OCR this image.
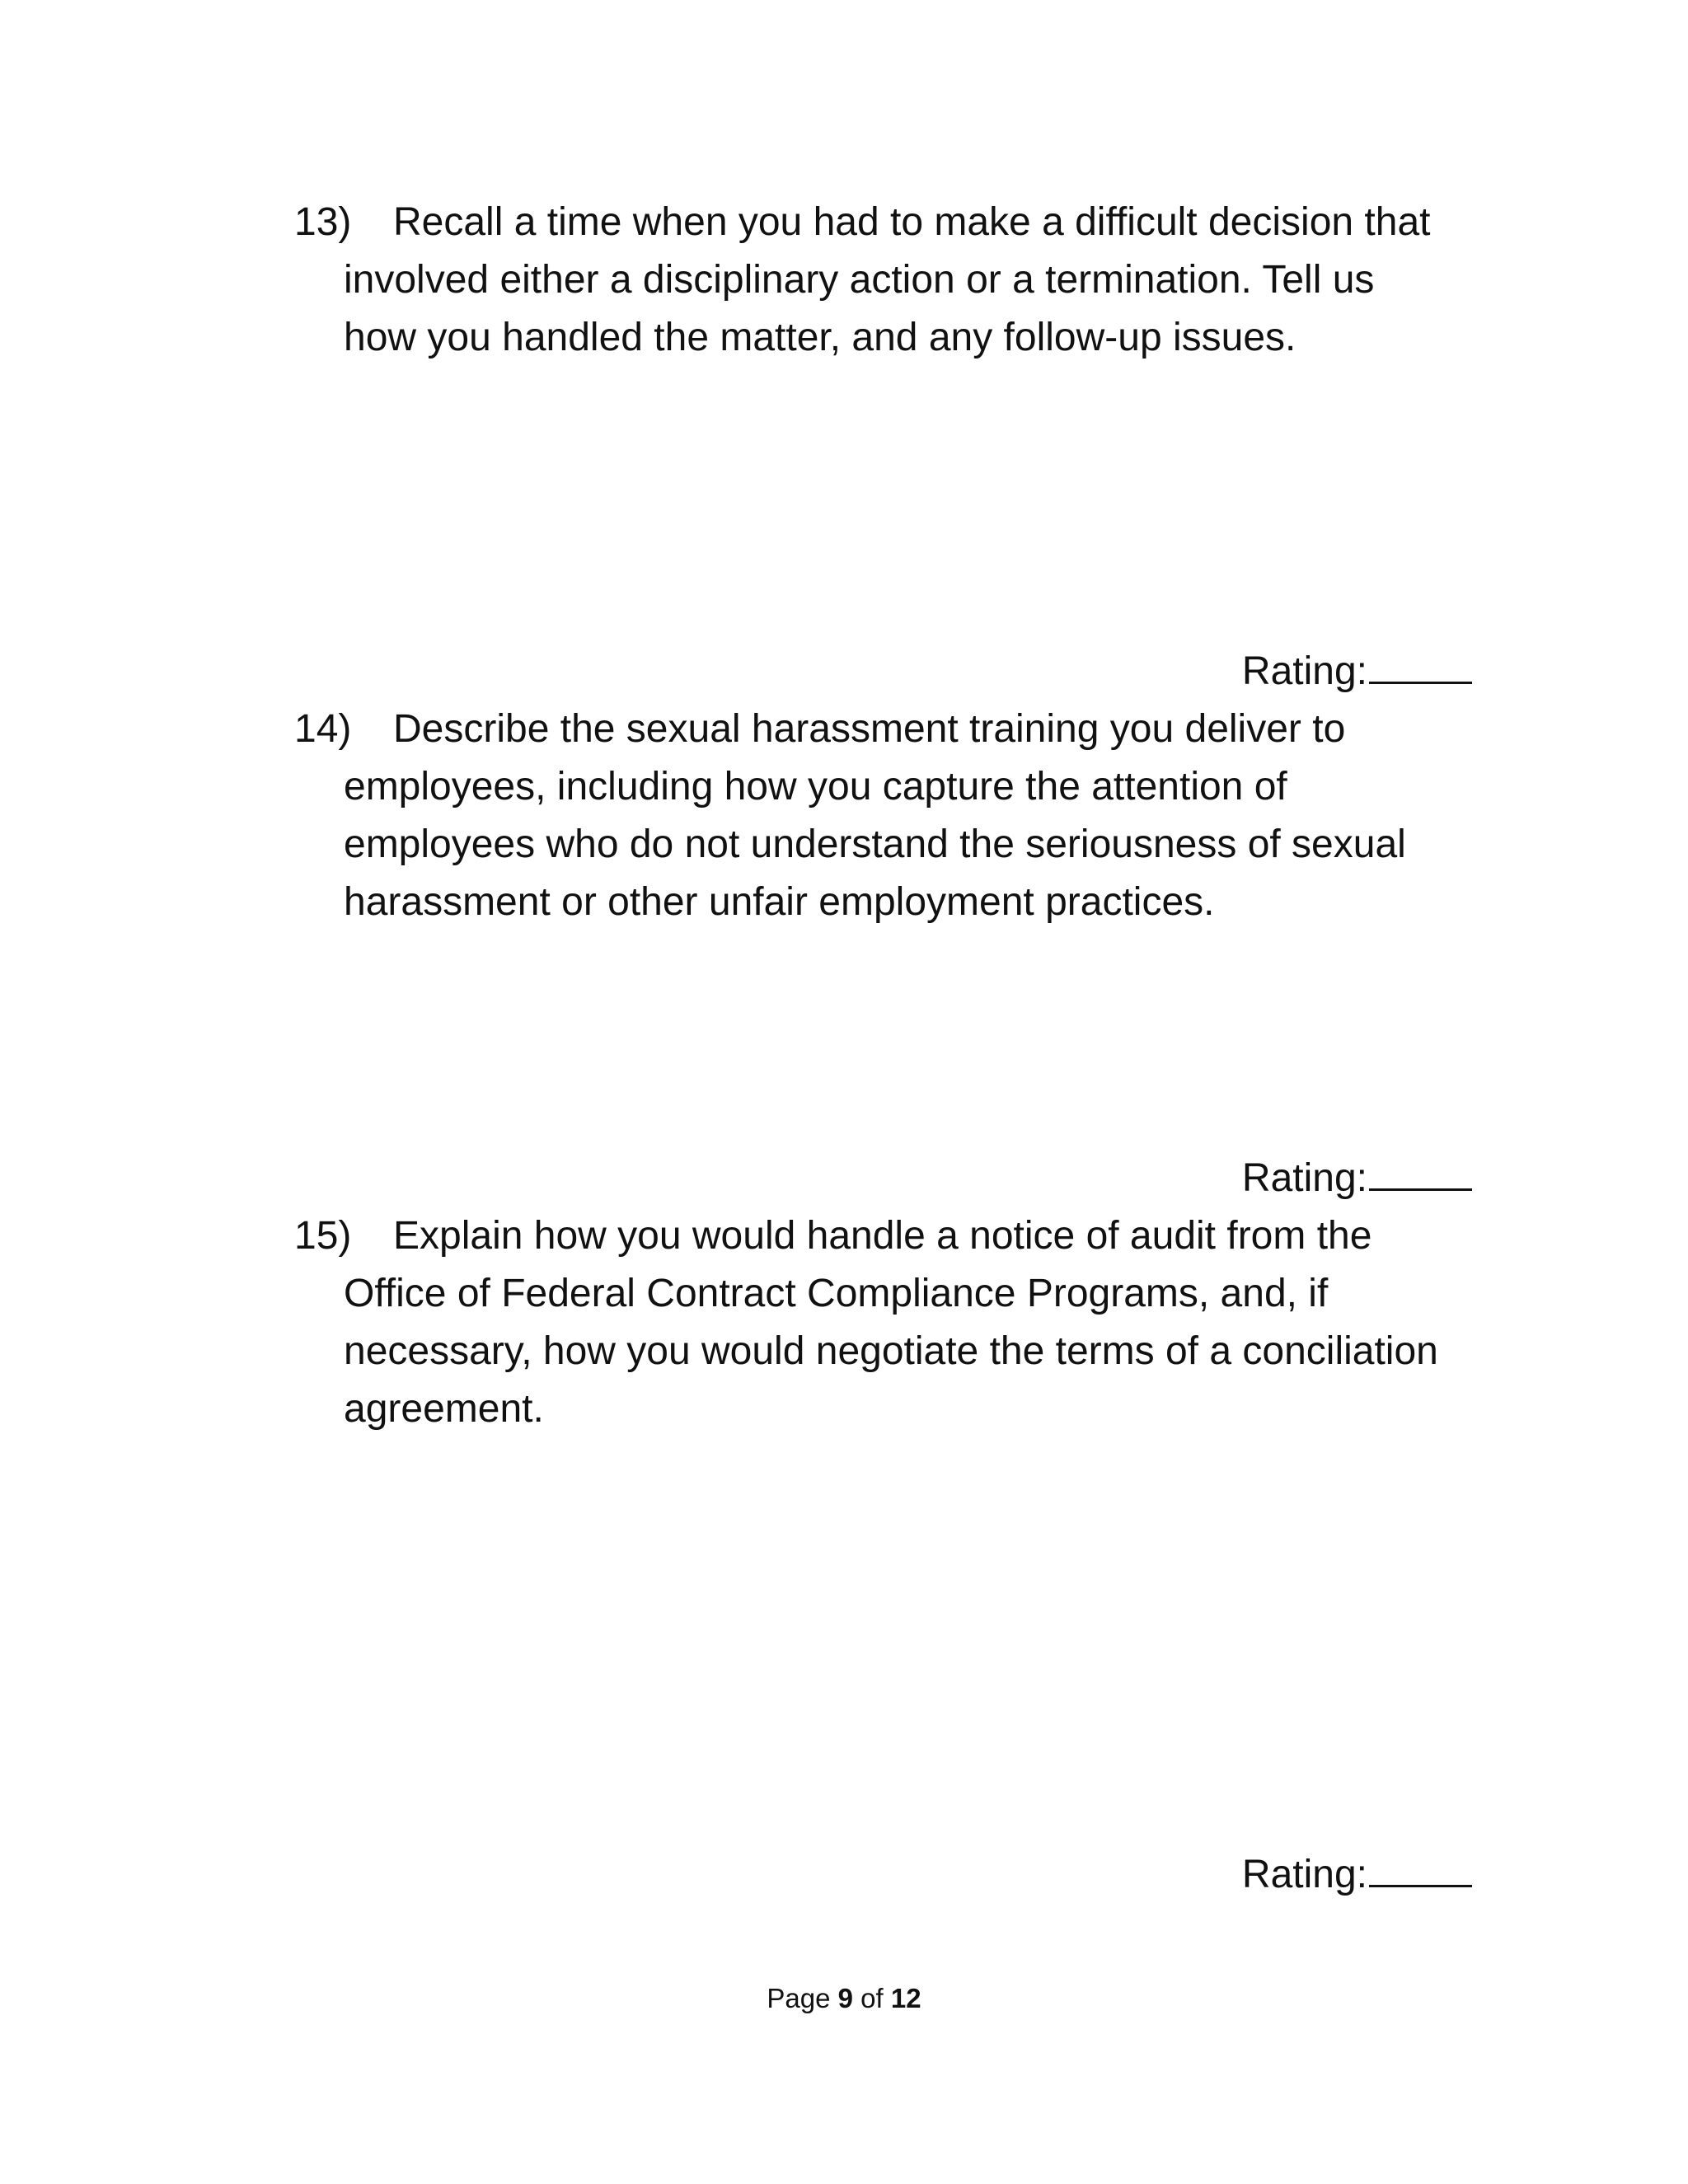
13)	Recall a time when you had to make a difficult decision that
involved either a disciplinary action or a termination. Tell us
how you handled the matter, and any follow-up issues.
Rating:
14)	Describe the sexual harassment training you deliver to
employees, including how you capture the attention of
employees who do not understand the seriousness of sexual
harassment or other unfair employment practices.
Rating:
15)	Explain how you would handle a notice of audit from the
Office of Federal Contract Compliance Programs, and, if
necessary, how you would negotiate the terms of a conciliation
agreement.
Rating:
Page 9 of 12
